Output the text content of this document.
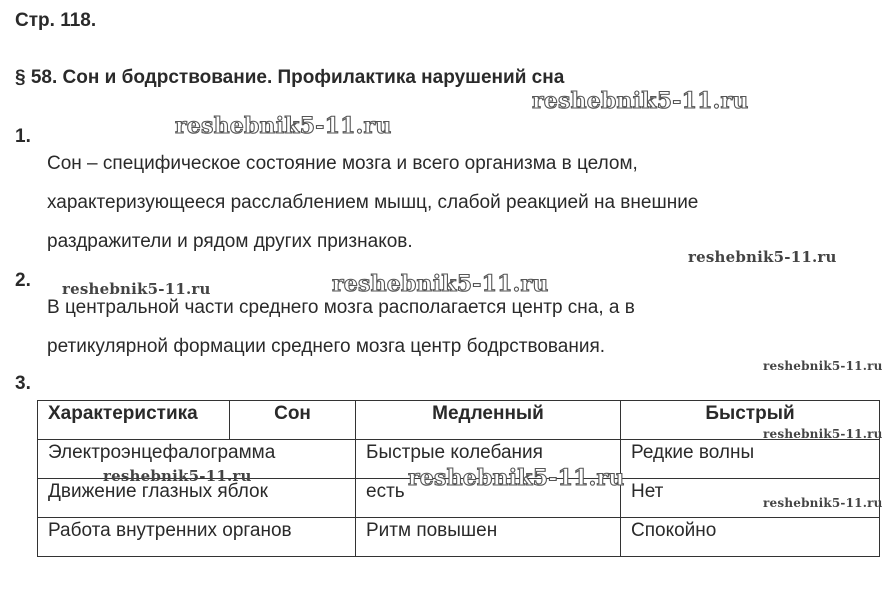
Стр. 118.
§ 58. Сон и бодрствование. Профилактика нарушений сна
1.
Сон – специфическое состояние мозга и всего организма в целом,
характеризующееся расслаблением мышц, слабой реакцией на внешние
раздражители и рядом других признаков.
2.
В центральной части среднего мозга располагается центр сна, а в
ретикулярной формации среднего мозга центр бодрствования.
3.
Характеристика	Сон	Медленный	Быстрый
Электроэнцефалограмма		Быстрые колебания	Редкие волны
Движение глазных яблок		есть	Нет
Работа внутренних органов		Ритм повышен	Спокойно
reshebnik5-11.ru
reshebnik5-11.ru
reshebnik5-11.ru
reshebnik5-11.ru	reshebnik5-11.ru
reshebnik5-11.ru
reshebnik5-11.ru
reshebnik5-11.ru	reshebnik5-11.ru
reshebnik5-11.ru
